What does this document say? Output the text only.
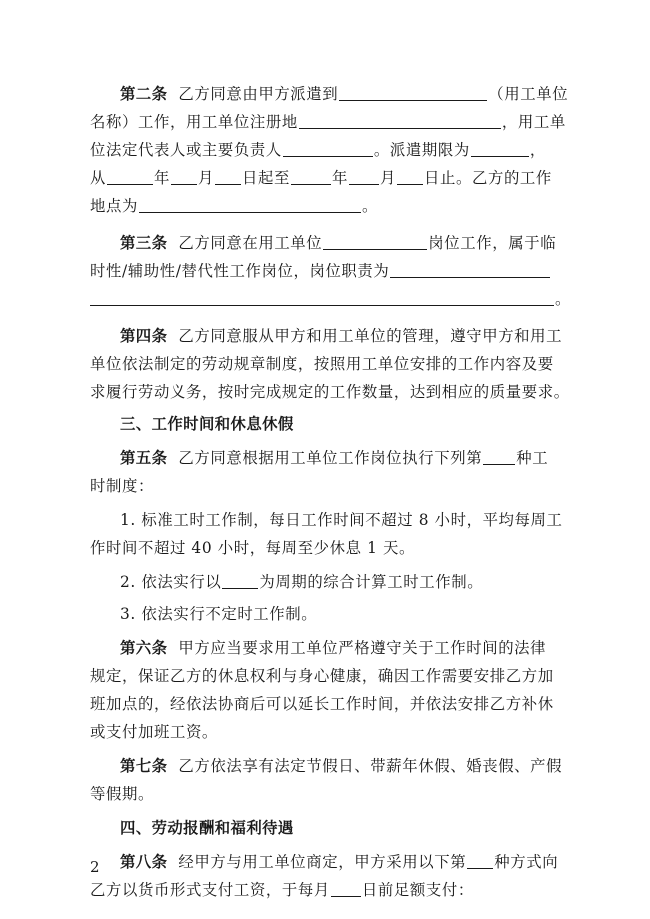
第二条 乙方同意由甲方派遣到	（用工单位
名称）工作，用工单位注册地	，用工单
位法定代表人或主要负责人	。派遣期限为	，
从	年 月 日起至	年 月 日止。乙方的工作
地点为	。
第三条 乙方同意在用工单位	岗位工作，属于临
时性/辅助性/替代性工作岗位，岗位职责为
。
第四条 乙方同意服从甲方和用工单位的管理，遵守甲方和用工
单位依法制定的劳动规章制度，按照用工单位安排的工作内容及要
求履行劳动义务，按时完成规定的工作数量，达到相应的质量要求。
三、工作时间和休息休假
第五条 乙方同意根据用工单位工作岗位执行下列第 种工
时制度：
1. 标准工时工作制，每日工作时间不超过 8 小时，平均每周工
作时间不超过 40 小时，每周至少休息 1 天。
2. 依法实行以 为周期的综合计算工时工作制。
3. 依法实行不定时工作制。
第六条 甲方应当要求用工单位严格遵守关于工作时间的法律
规定，保证乙方的休息权利与身心健康，确因工作需要安排乙方加
班加点的，经依法协商后可以延长工作时间，并依法安排乙方补休
或支付加班工资。
第七条 乙方依法享有法定节假日、带薪年休假、婚丧假、产假
等假期。
四、劳动报酬和福利待遇
第八条 经甲方与用工单位商定，甲方采用以下第 种方式向
乙方以货币形式支付工资，于每月 日前足额支付：
2
